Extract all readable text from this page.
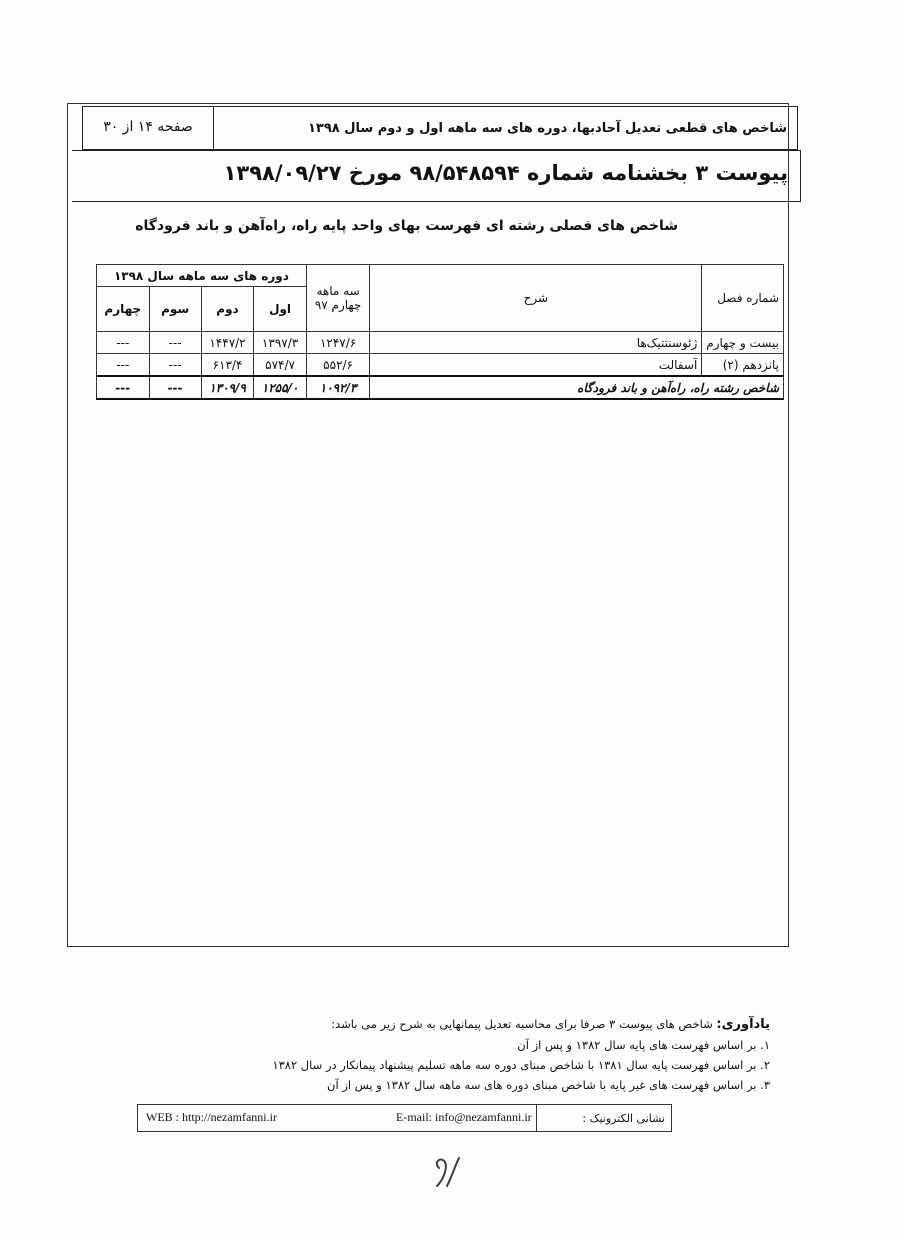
شاخص های قطعی تعدیل آحادبها، دوره های سه ماهه اول و دوم سال ۱۳۹۸
صفحه ۱۴ از ۳۰
پیوست ۳ بخشنامه شماره ۹۸/۵۴۸۵۹۴ مورخ ۱۳۹۸/۰۹/۲۷
شاخص های فصلی رشته ای فهرست بهای واحد پایه راه، راه‌آهن و باند فرودگاه
شماره فصل	شرح	سه ماهه چهارم ۹۷	دوره های سه ماهه سال ۱۳۹۸			
			اول	دوم	سوم	چهارم
بیست و چهارم	ژئوسنتتیک‌ها	۱۲۴۷/۶	۱۳۹۷/۳	۱۴۴۷/۲	---	---
پانزدهم (۲)	آسفالت	۵۵۲/۶	۵۷۴/۷	۶۱۳/۴	---	---
شاخص رشته راه، راه‌آهن و باند فرودگاه		۱۰۹۲/۳	۱۲۵۵/۰	۱۳۰۹/۹	---	---
یادآوری: شاخص های پیوست ۳ صرفا برای محاسبه تعدیل پیمانهایی به شرح زیر می باشد:
۱. بر اساس فهرست های پایه سال ۱۳۸۲ و پس از آن
۲. بر اساس فهرست پایه سال ۱۳۸۱ با شاخص مبنای دوره سه ماهه تسلیم پیشنهاد پیمانکار در سال ۱۳۸۲
۳. بر اساس فهرست های غیر پایه با شاخص مبنای دوره های سه ماهه سال ۱۳۸۲ و پس از آن
نشانی الکترونیک :
E-mail: info@nezamfanni.ir
WEB : http://nezamfanni.ir
